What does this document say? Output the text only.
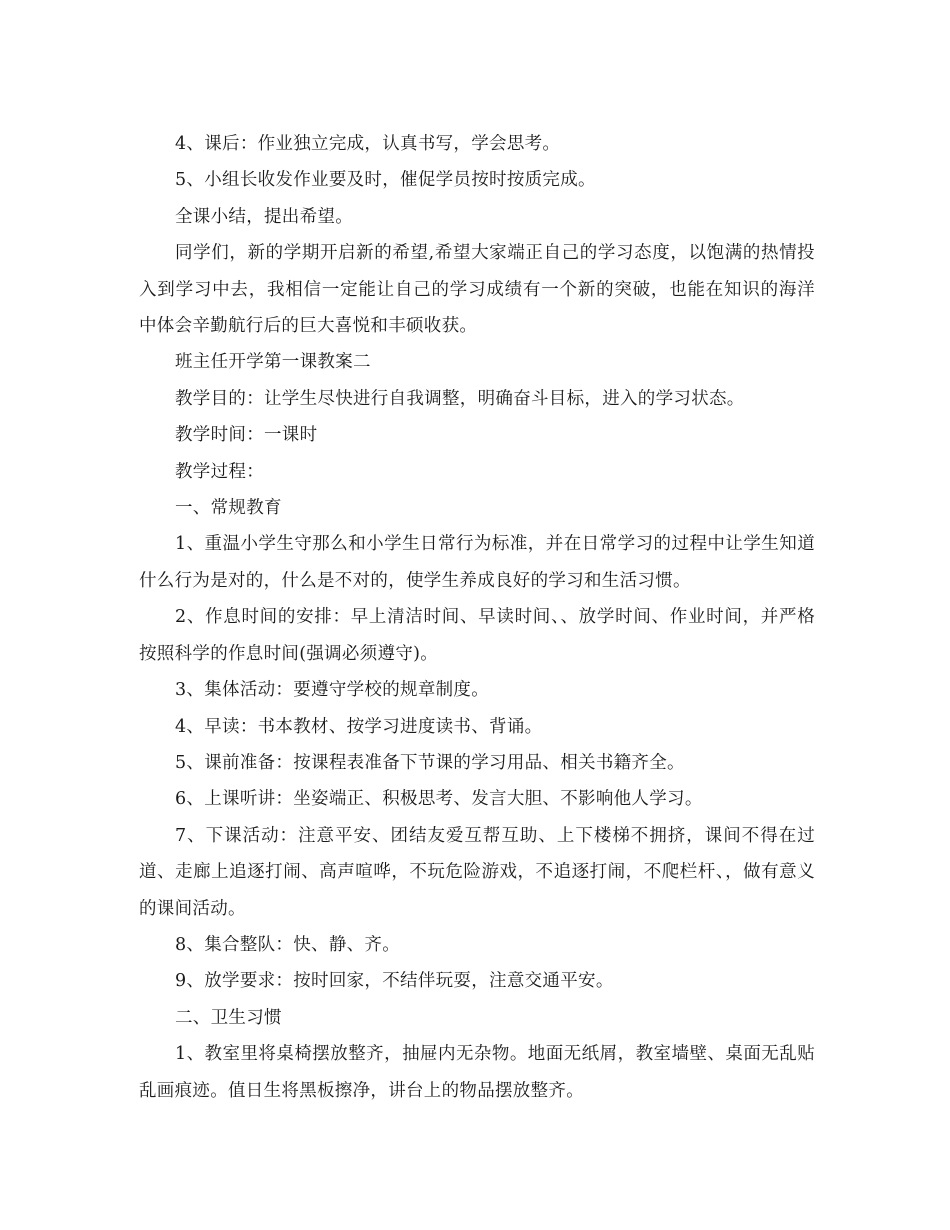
4、课后：作业独立完成，认真书写，学会思考。

5、小组长收发作业要及时，催促学员按时按质完成。

全课小结，提出希望。

同学们，新的学期开启新的希望,希望大家端正自己的学习态度，以饱满的热情投入到学习中去，我相信一定能让自己的学习成绩有一个新的突破，也能在知识的海洋中体会辛勤航行后的巨大喜悦和丰硕收获。

班主任开学第一课教案二

教学目的：让学生尽快进行自我调整，明确奋斗目标，进入的学习状态。

教学时间：一课时

教学过程：

一、常规教育

1、重温小学生守那么和小学生日常行为标准，并在日常学习的过程中让学生知道什么行为是对的，什么是不对的，使学生养成良好的学习和生活习惯。

2、作息时间的安排：早上清洁时间、早读时间、、放学时间、作业时间，并严格按照科学的作息时间(强调必须遵守)。

3、集体活动：要遵守学校的规章制度。

4、早读：书本教材、按学习进度读书、背诵。

5、课前准备：按课程表准备下节课的学习用品、相关书籍齐全。

6、上课听讲：坐姿端正、积极思考、发言大胆、不影响他人学习。

7、下课活动：注意平安、团结友爱互帮互助、上下楼梯不拥挤，课间不得在过道、走廊上追逐打闹、高声喧哗，不玩危险游戏，不追逐打闹，不爬栏杆、，做有意义的课间活动。

8、集合整队：快、静、齐。

9、放学要求：按时回家，不结伴玩耍，注意交通平安。

二、卫生习惯

1、教室里将桌椅摆放整齐，抽屉内无杂物。地面无纸屑，教室墙壁、桌面无乱贴乱画痕迹。值日生将黑板擦净，讲台上的物品摆放整齐。
